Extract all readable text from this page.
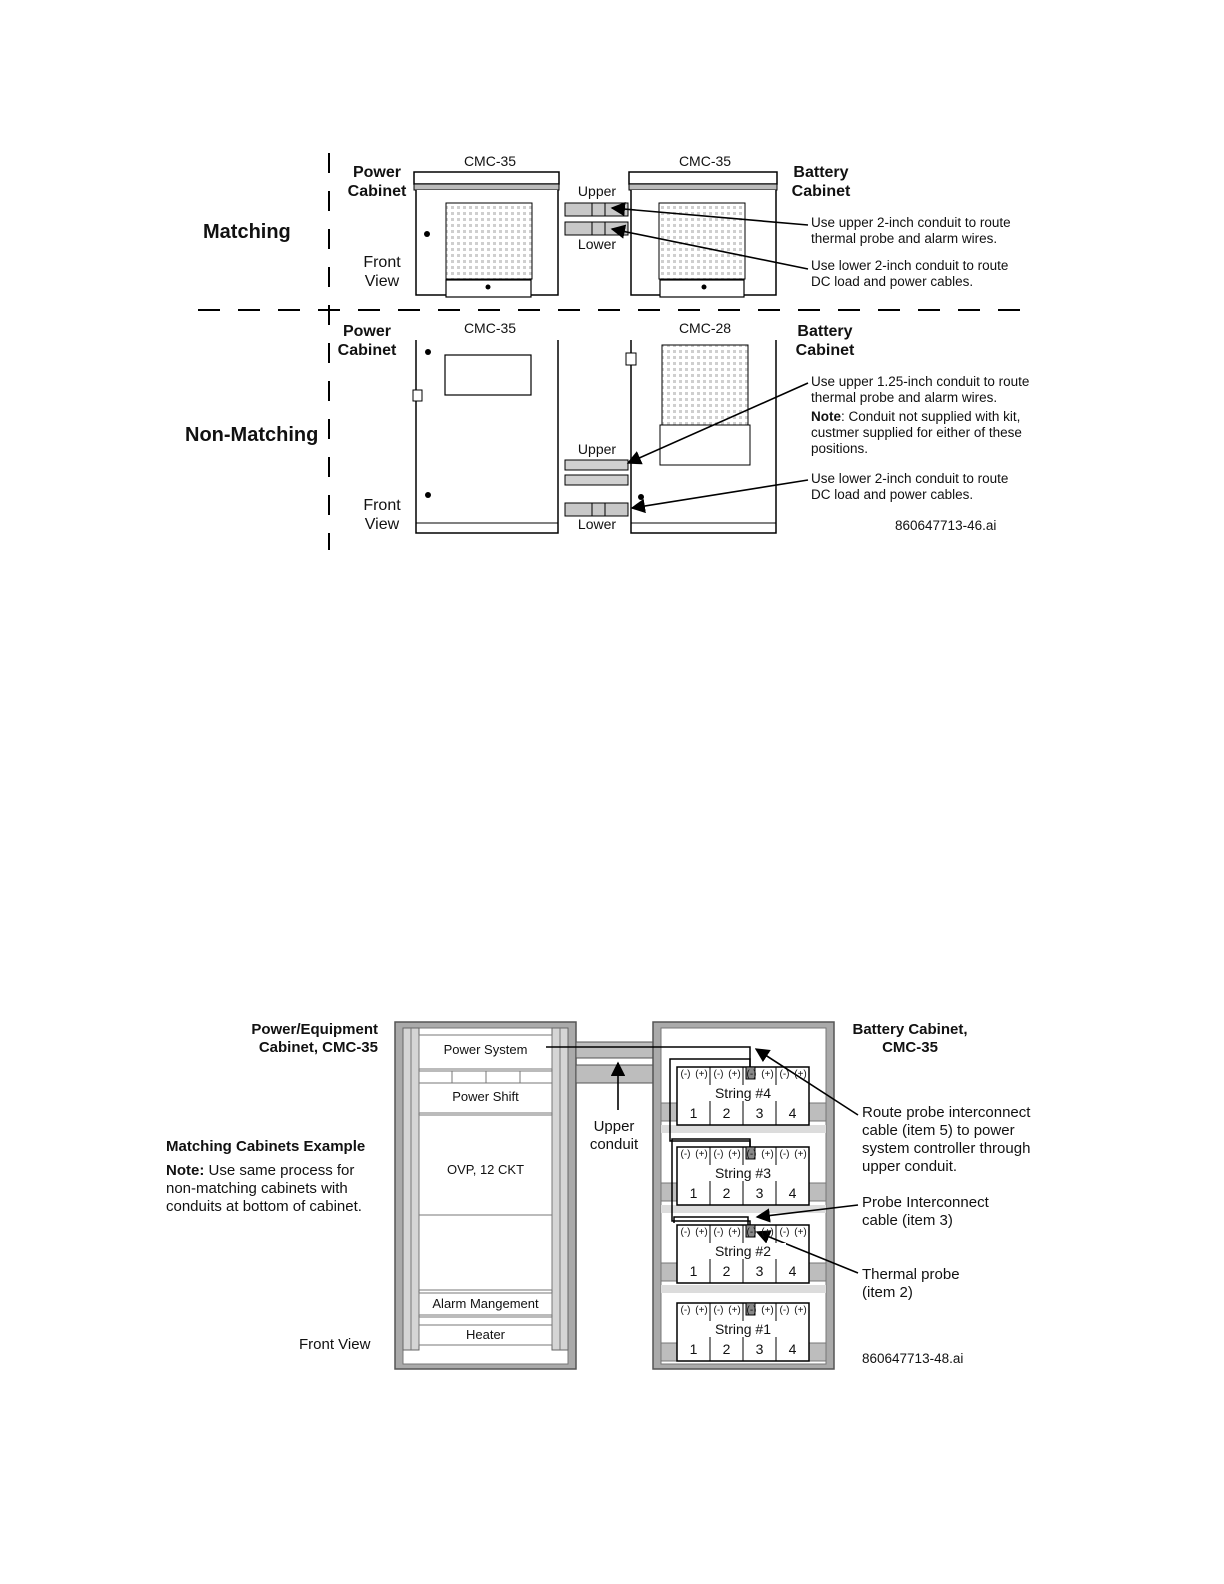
Matching
Non-Matching
Power
Cabinet
CMC-35	CMC-35
Battery
Cabinet
Upper
Lower
Front
View
Use upper 2-inch conduit to route
thermal probe and alarm wires.
Use lower 2-inch conduit to route
DC load and power cables.
Power
Cabinet
CMC-35	CMC-28	Battery
Cabinet
Upper
Lower
Front
View
Use upper 1.25-inch conduit to route
thermal probe and alarm wires.
Note: Conduit not supplied with kit,
custmer supplied for either of these
positions.
Use lower 2-inch conduit to route
DC load and power cables.
860647713-46.ai
Power/Equipment
Cabinet, CMC-35
Battery Cabinet,
CMC-35
Matching Cabinets Example
Note: Use same process for
non-matching cabinets with
conduits at bottom of cabinet.
Front View
Upper
conduit
Power System
Power Shift
OVP, 12 CKT
Alarm Mangement
Heater
(-) (+)
1
(-) (+)
2
(-) (+)
3
(-) (+)
4
String #4
(-) (+)
1
(-) (+)
2
(-) (+)
3
(-) (+)
4
String #3
(-) (+)
1
(-) (+)
2
(-) (+)
3
(-) (+)
4
String #2
(-) (+)
1
(-) (+)
2
(-) (+)
3
(-) (+)
4
String #1
Route probe interconnect
cable (item 5) to power
system controller through
upper conduit.
Probe Interconnect
cable (item 3)
Thermal probe
(item 2)
860647713-48.ai
